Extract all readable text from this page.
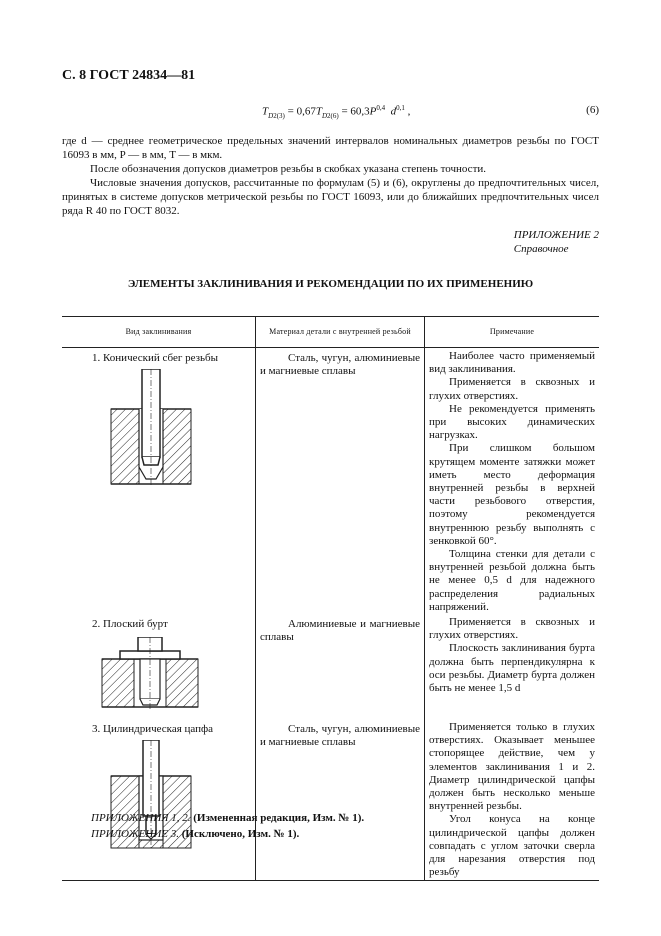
С. 8 ГОСТ 24834—81
$T_{D2(3)} = 0,67T_{D2(6)} = 60,3P^{0,4}$ $d^{0,1}$ ,	(6)

где d — среднее геометрическое предельных значений интервалов номинальных диаметров резьбы по ГОСТ 16093 в мм, P — в мм, T — в мкм.

После обозначения допусков диаметров резьбы в скобках указана степень точности.

Числовые значения допусков, рассчитанные по формулам (5) и (6), округлены до предпочтительных чисел, принятых в системе допусков метрической резьбы по ГОСТ 16093, или до ближайших предпочтительных чисел ряда R 40 по ГОСТ 8032.

ПРИЛОЖЕНИЕ 2
Справочное
ЭЛЕМЕНТЫ ЗАКЛИНИВАНИЯ И РЕКОМЕНДАЦИИ ПО ИХ ПРИМЕНЕНИЮ
Вид заклинивания	Материал детали с внутренней резьбой	Примечание

1. Конический сбег резьбы	Сталь, чугун, алюминиевые и магниевые сплавы	Наиболее часто применяемый вид заклинивания.

Применяется в сквозных и глухих отверстиях.

Не рекомендуется применять при высоких динамических нагрузках.

При слишком большом крутящем моменте затяжки может иметь место деформация внутренней резьбы в верхней части резьбового отверстия, поэтому рекомендуется внутреннюю резьбу выполнять с зенковкой 60°.

Толщина стенки для детали с внутренней резьбой должна быть не менее 0,5 d для надежного распределения радиальных напряжений.

2. Плоский бурт	Алюминиевые и магниевые сплавы	Применяется в сквозных и глухих отверстиях.

Плоскость заклинивания бурта должна быть перпендикулярна к оси резьбы. Диаметр бурта должен быть не менее 1,5 d

3. Цилиндрическая цапфа	Сталь, чугун, алюминиевые и магниевые сплавы	Применяется только в глухих отверстиях. Оказывает меньшее стопорящее действие, чем у элементов заклинивания 1 и 2. Диаметр цилиндрической цапфы должен быть несколько меньше внутренней резьбы.

Угол конуса на конце цилиндрической цапфы должен совпадать с углом заточки сверла для нарезания отверстия под резьбу

ПРИЛОЖЕНИЯ 1, 2. (Измененная редакция, Изм. № 1).
ПРИЛОЖЕНИЕ 3. (Исключено, Изм. № 1).
